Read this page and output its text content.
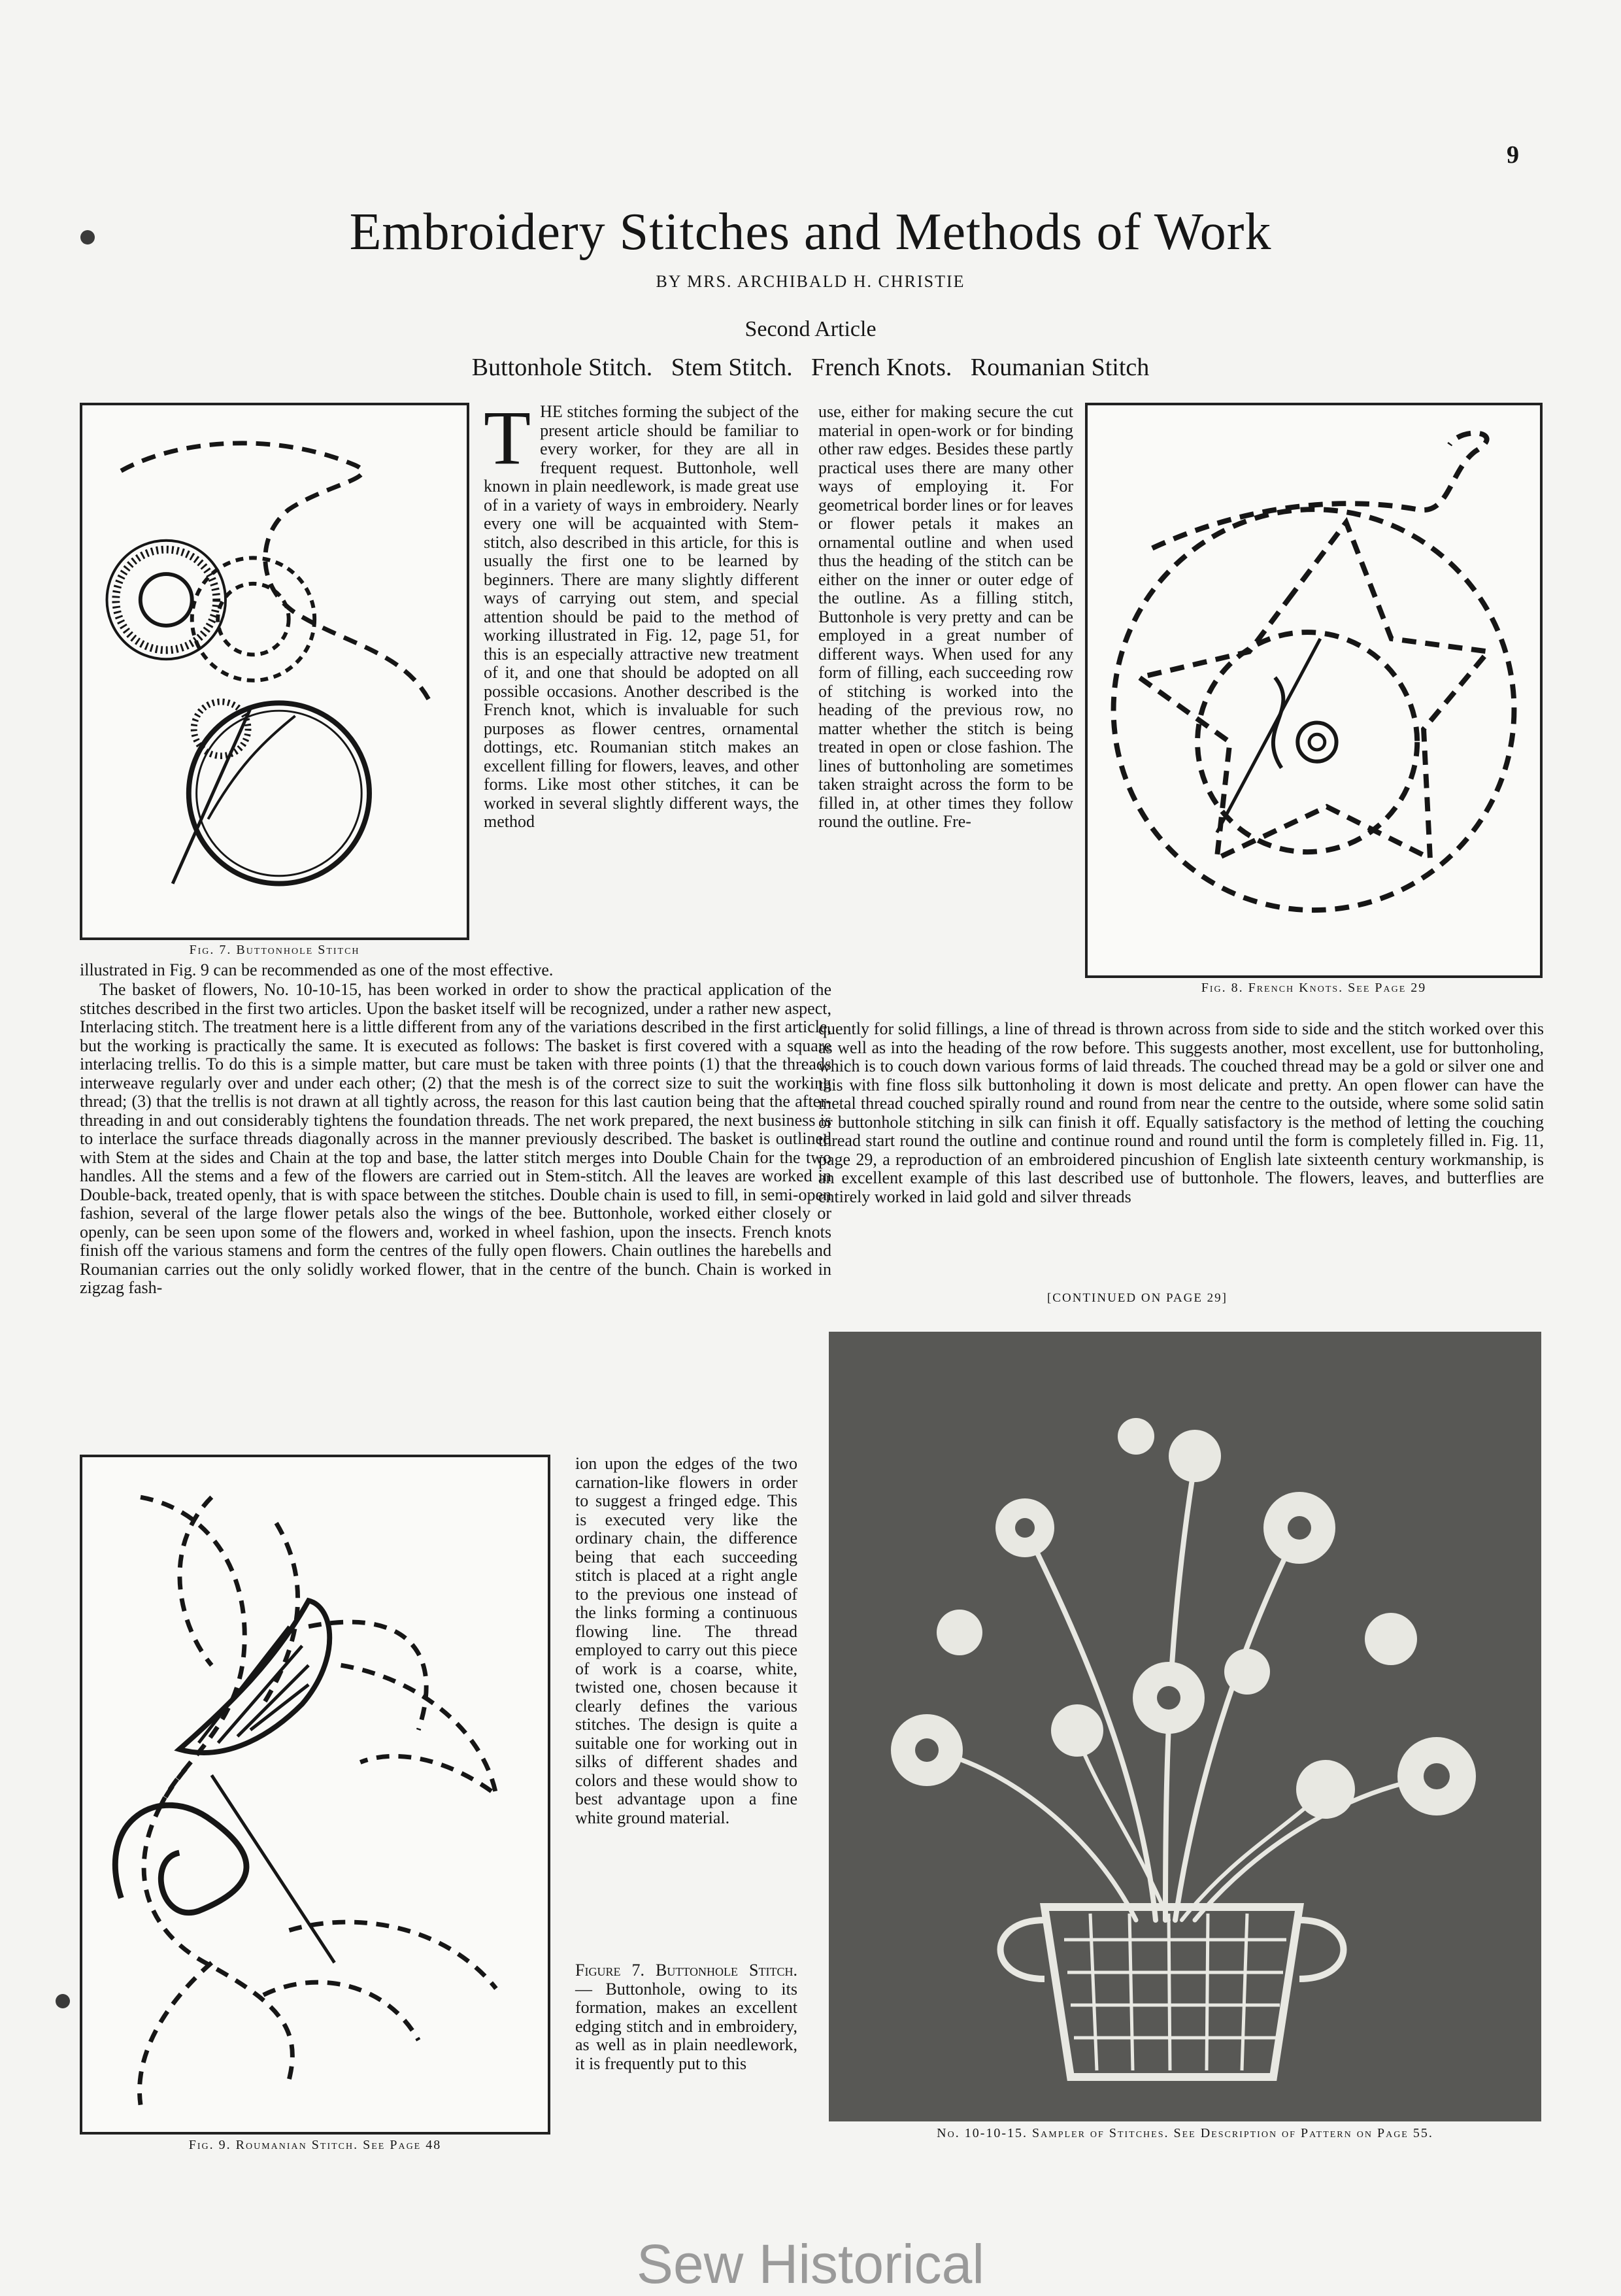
9
Embroidery Stitches and Methods of Work
BY MRS. ARCHIBALD H. CHRISTIE
Second Article
Buttonhole Stitch.   Stem Stitch.   French Knots.   Roumanian Stitch
Fig. 7. Buttonhole Stitch
THE stitches forming the subject of the present article should be familiar to every worker, for they are all in frequent request. Buttonhole, well known in plain needlework, is made great use of in a variety of ways in embroidery. Nearly every one will be acquainted with Stem-stitch, also described in this article, for this is usually the first one to be learned by beginners. There are many slightly different ways of carrying out stem, and special attention should be paid to the method of working illustrated in Fig. 12, page 51, for this is an especially attractive new treatment of it, and one that should be adopted on all possible occasions. Another described is the French knot, which is invaluable for such purposes as flower centres, ornamental dottings, etc. Roumanian stitch makes an excellent filling for flowers, leaves, and other forms. Like most other stitches, it can be worked in several slightly different ways, the method
use, either for making secure the cut material in open-work or for binding other raw edges. Besides these partly practical uses there are many other ways of employing it. For geometrical border lines or for leaves or flower petals it makes an ornamental outline and when used thus the heading of the stitch can be either on the inner or outer edge of the outline. As a filling stitch, Buttonhole is very pretty and can be employed in a great number of different ways. When used for any form of filling, each succeeding row of stitching is worked into the heading of the previous row, no matter whether the stitch is being treated in open or close fashion. The lines of buttonholing are sometimes taken straight across the form to be filled in, at other times they follow round the outline. Fre-
Fig. 8. French Knots. See Page 29
illustrated in Fig. 9 can be recommended as one of the most effective.
The basket of flowers, No. 10-10-15, has been worked in order to show the practical application of the stitches described in the first two articles. Upon the basket itself will be recognized, under a rather new aspect, Interlacing stitch. The treatment here is a little different from any of the variations described in the first article, but the working is practically the same. It is executed as follows: The basket is first covered with a square interlacing trellis. To do this is a simple matter, but care must be taken with three points (1) that the threads interweave regularly over and under each other; (2) that the mesh is of the correct size to suit the working thread; (3) that the trellis is not drawn at all tightly across, the reason for this last caution being that the after-threading in and out considerably tightens the foundation threads. The net work prepared, the next business is to interlace the surface threads diagonally across in the manner previously described. The basket is outlined with Stem at the sides and Chain at the top and base, the latter stitch merges into Double Chain for the two handles. All the stems and a few of the flowers are carried out in Stem-stitch. All the leaves are worked in Double-back, treated openly, that is with space between the stitches. Double chain is used to fill, in semi-open fashion, several of the large flower petals also the wings of the bee. Buttonhole, worked either closely or openly, can be seen upon some of the flowers and, worked in wheel fashion, upon the insects. French knots finish off the various stamens and form the centres of the fully open flowers. Chain outlines the harebells and Roumanian carries out the only solidly worked flower, that in the centre of the bunch. Chain is worked in zigzag fash-
quently for solid fillings, a line of thread is thrown across from side to side and the stitch worked over this as well as into the heading of the row before. This suggests another, most excellent, use for buttonholing, which is to couch down various forms of laid threads. The couched thread may be a gold or silver one and this with fine floss silk buttonholing it down is most delicate and pretty. An open flower can have the metal thread couched spirally round and round from near the centre to the outside, where some solid satin or buttonhole stitching in silk can finish it off. Equally satisfactory is the method of letting the couching thread start round the outline and continue round and round until the form is completely filled in. Fig. 11, page 29, a reproduction of an embroidered pincushion of English late sixteenth century workmanship, is an excellent example of this last described use of buttonhole. The flowers, leaves, and butterflies are entirely worked in laid gold and silver threads
[CONTINUED ON PAGE 29]
Fig. 9. Roumanian Stitch. See Page 48
ion upon the edges of the two carnation-like flowers in order to suggest a fringed edge. This is executed very like the ordinary chain, the difference being that each succeeding stitch is placed at a right angle to the previous one instead of the links forming a continuous flowing line. The thread employed to carry out this piece of work is a coarse, white, twisted one, chosen because it clearly defines the various stitches. The design is quite a suitable one for working out in silks of different shades and colors and these would show to best advantage upon a fine white ground material.
Figure 7. Buttonhole Stitch. — Buttonhole, owing to its formation, makes an excellent edging stitch and in embroidery, as well as in plain needlework, it is frequently put to this
No. 10-10-15. Sampler of Stitches. See Description of Pattern on Page 55.
Sew Historical
